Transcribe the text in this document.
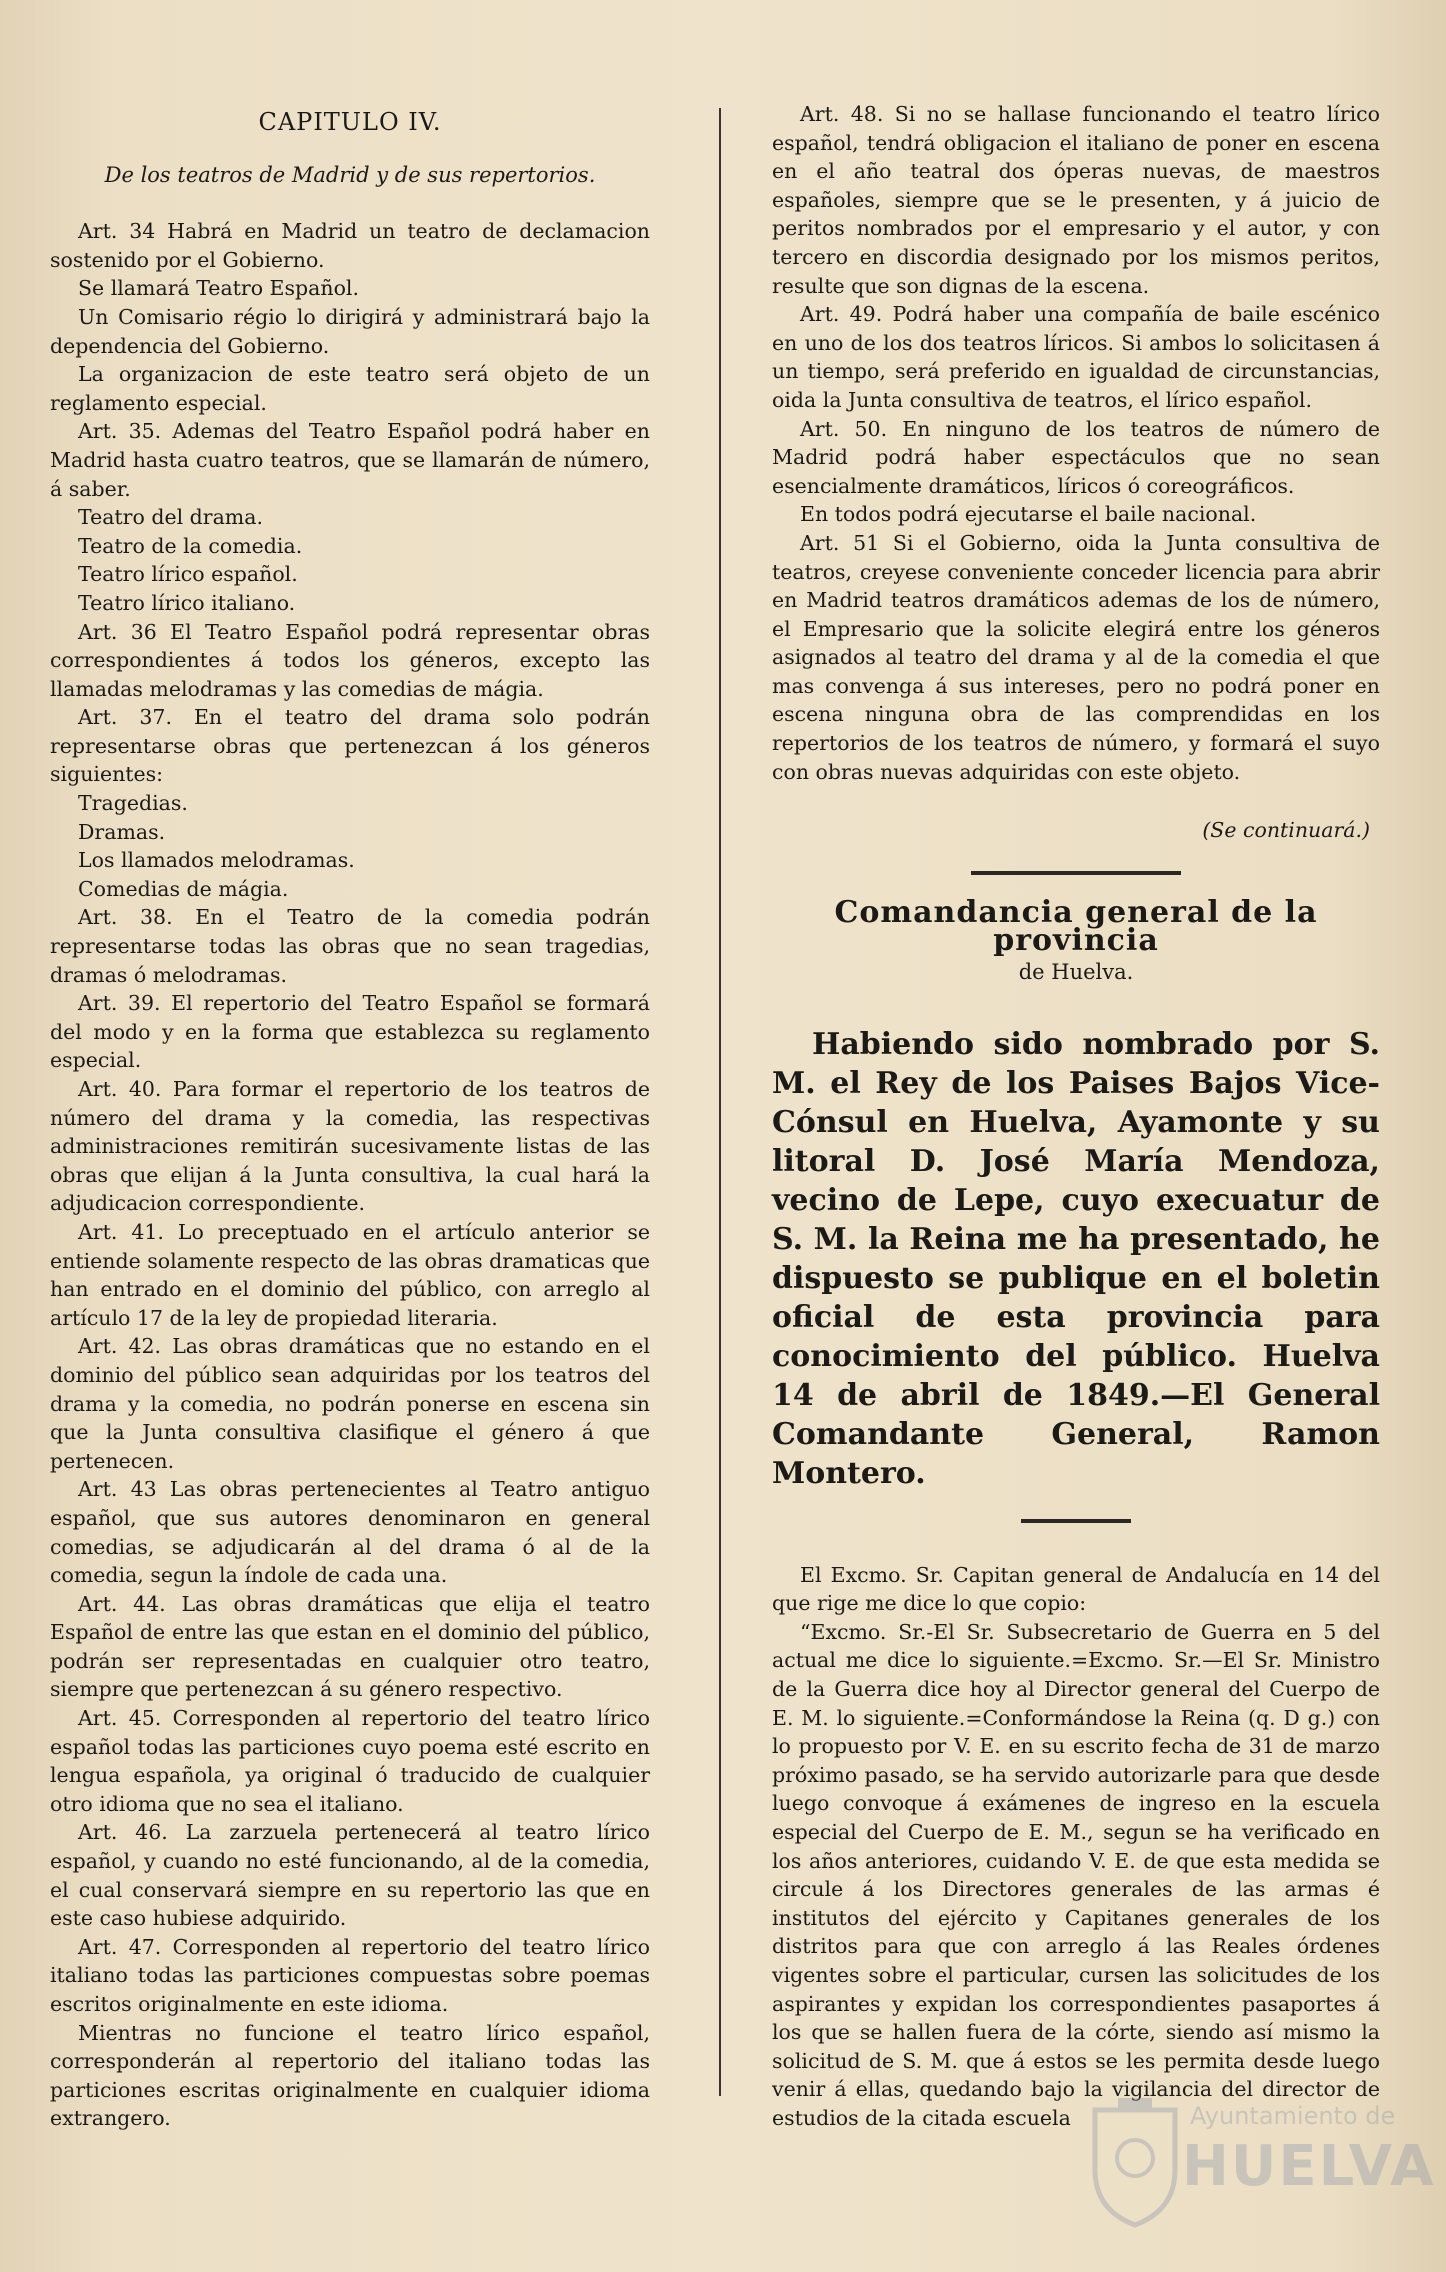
CAPITULO IV.
De los teatros de Madrid y de sus repertorios.

Art. 34 Habrá en Madrid un teatro de declamacion sostenido por el Gobierno.

Se llamará Teatro Español.

Un Comisario régio lo dirigirá y administrará bajo la dependencia del Gobierno.

La organizacion de este teatro será objeto de un reglamento especial.

Art. 35. Ademas del Teatro Español podrá haber en Madrid hasta cuatro teatros, que se llamarán de número, á saber.

Teatro del drama.

Teatro de la comedia.

Teatro lírico español.

Teatro lírico italiano.

Art. 36 El Teatro Español podrá representar obras correspondientes á todos los géneros, excepto las llamadas melodramas y las comedias de mágia.

Art. 37. En el teatro del drama solo podrán representarse obras que pertenezcan á los géneros siguientes:

Tragedias.

Dramas.

Los llamados melodramas.

Comedias de mágia.

Art. 38. En el Teatro de la comedia podrán representarse todas las obras que no sean tragedias, dramas ó melodramas.

Art. 39. El repertorio del Teatro Español se formará del modo y en la forma que establezca su reglamento especial.

Art. 40. Para formar el repertorio de los teatros de número del drama y la comedia, las respectivas administraciones remitirán sucesivamente listas de las obras que elijan á la Junta consultiva, la cual hará la adjudicacion correspondiente.

Art. 41. Lo preceptuado en el artículo anterior se entiende solamente respecto de las obras dramaticas que han entrado en el dominio del público, con arreglo al artículo 17 de la ley de propiedad literaria.

Art. 42. Las obras dramáticas que no estando en el dominio del público sean adquiridas por los teatros del drama y la comedia, no podrán ponerse en escena sin que la Junta consultiva clasifique el género á que pertenecen.

Art. 43 Las obras pertenecientes al Teatro antiguo español, que sus autores denominaron en general comedias, se adjudicarán al del drama ó al de la comedia, segun la índole de cada una.

Art. 44. Las obras dramáticas que elija el teatro Español de entre las que estan en el dominio del público, podrán ser representadas en cualquier otro teatro, siempre que pertenezcan á su género respectivo.

Art. 45. Corresponden al repertorio del teatro lírico español todas las particiones cuyo poema esté escrito en lengua española, ya original ó traducido de cualquier otro idioma que no sea el italiano.

Art. 46. La zarzuela pertenecerá al teatro lírico español, y cuando no esté funcionando, al de la comedia, el cual conservará siempre en su repertorio las que en este caso hubiese adquirido.

Art. 47. Corresponden al repertorio del teatro lírico italiano todas las particiones compuestas sobre poemas escritos originalmente en este idioma.

Mientras no funcione el teatro lírico español, corresponderán al repertorio del italiano todas las particiones escritas originalmente en cualquier idioma extrangero.

Art. 48. Si no se hallase funcionando el teatro lírico español, tendrá obligacion el italiano de poner en escena en el año teatral dos óperas nuevas, de maestros españoles, siempre que se le presenten, y á juicio de peritos nombrados por el empresario y el autor, y con tercero en discordia designado por los mismos peritos, resulte que son dignas de la escena.

Art. 49. Podrá haber una compañía de baile escénico en uno de los dos teatros líricos. Si ambos lo solicitasen á un tiempo, será preferido en igualdad de circunstancias, oida la Junta consultiva de teatros, el lírico español.

Art. 50. En ninguno de los teatros de número de Madrid podrá haber espectáculos que no sean esencialmente dramáticos, líricos ó coreográficos.

En todos podrá ejecutarse el baile nacional.

Art. 51 Si el Gobierno, oida la Junta consultiva de teatros, creyese conveniente conceder licencia para abrir en Madrid teatros dramáticos ademas de los de número, el Empresario que la solicite elegirá entre los géneros asignados al teatro del drama y al de la comedia el que mas convenga á sus intereses, pero no podrá poner en escena ninguna obra de las comprendidas en los repertorios de los teatros de número, y formará el suyo con obras nuevas adquiridas con este objeto.

(Se continuará.)
Comandancia general de la provincia
de Huelva.

Habiendo sido nombrado por S. M. el Rey de los Paises Bajos Vice-Cónsul en Huelva, Ayamonte y su litoral D. José María Mendoza, vecino de Lepe, cuyo execuatur de S. M. la Reina me ha presentado, he dispuesto se publique en el boletin oficial de esta provincia para conocimiento del público. Huelva 14 de abril de 1849.—El General Comandante General, Ramon Montero.

El Excmo. Sr. Capitan general de Andalucía en 14 del que rige me dice lo que copio:

“Excmo. Sr.-El Sr. Subsecretario de Guerra en 5 del actual me dice lo siguiente.=Excmo. Sr.—El Sr. Ministro de la Guerra dice hoy al Director general del Cuerpo de E. M. lo siguiente.=Conformándose la Reina (q. D g.) con lo propuesto por V. E. en su escrito fecha de 31 de marzo próximo pasado, se ha servido autorizarle para que desde luego convoque á exámenes de ingreso en la escuela especial del Cuerpo de E. M., segun se ha verificado en los años anteriores, cuidando V. E. de que esta medida se circule á los Directores generales de las armas é institutos del ejército y Capitanes generales de los distritos para que con arreglo á las Reales órdenes vigentes sobre el particular, cursen las solicitudes de los aspirantes y expidan los correspondientes pasaportes á los que se hallen fuera de la córte, siendo así mismo la solicitud de S. M. que á estos se les permita desde luego venir á ellas, quedando bajo la vigilancia del director de estudios de la citada escuela	Ayuntamiento de
HUELVA
